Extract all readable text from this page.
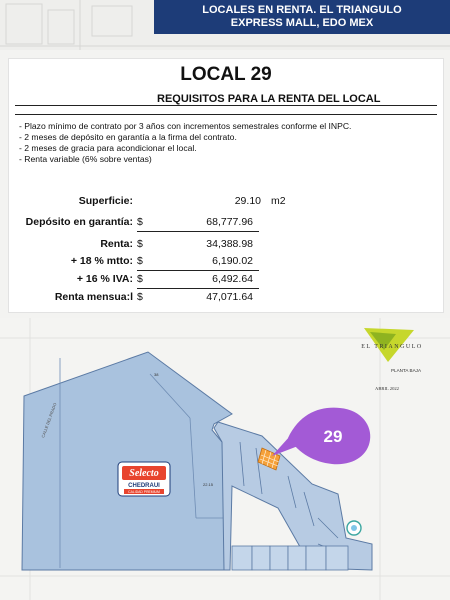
LOCALES EN RENTA. EL TRIANGULO
EXPRESS MALL, EDO MEX
LOCAL 29
REQUISITOS PARA LA RENTA DEL LOCAL
- Plazo mínimo de contrato por 3 años con incrementos semestrales conforme el INPC.
- 2 meses de depósito en garantía a la firma del contrato.
- 2 meses de gracia para acondicionar el local.
- Renta variable (6% sobre ventas)
Superficie:	29.10 m2
Depósito en garantía: $	68,777.96
Renta: $	34,388.98
+ 18 % mtto: $	6,190.02
+ 16 % IVA: $	6,492.64
Renta mensua:l $	47,071.64
29
Selecto
CHEDRAUI
CALIDAD PREMIUM
CALLE DEL PRADO
38
22.15
EL TRIANGULO
PLANTA BAJA
ABRIL 2022
